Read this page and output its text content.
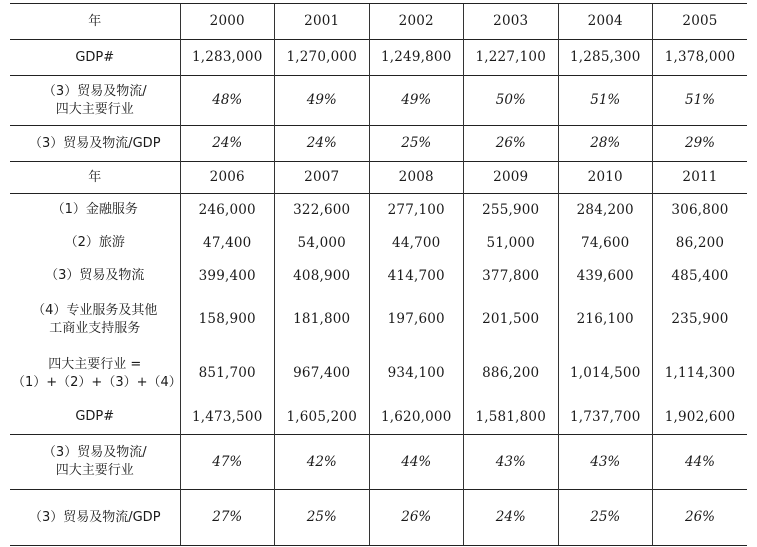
年	2000	2001	2002	2003	2004	2005
GDP#	1,283,000	1,270,000	1,249,800	1,227,100	1,285,300	1,378,000
（3）贸易及物流/
四大主要行业	48%	49%	49%	50%	51%	51%
（3）贸易及物流/GDP	24%	24%	25%	26%	28%	29%
年	2006	2007	2008	2009	2010	2011
（1）金融服务	246,000	322,600	277,100	255,900	284,200	306,800
（2）旅游	47,400	54,000	44,700	51,000	74,600	86,200
（3）贸易及物流	399,400	408,900	414,700	377,800	439,600	485,400
（4）专业服务及其他
工商业支持服务	158,900	181,800	197,600	201,500	216,100	235,900
四大主要行业 =
（1）+（2）+（3）+（4）	851,700	967,400	934,100	886,200	1,014,500	1,114,300
GDP#	1,473,500	1,605,200	1,620,000	1,581,800	1,737,700	1,902,600
（3）贸易及物流/
四大主要行业	47%	42%	44%	43%	43%	44%
（3）贸易及物流/GDP	27%	25%	26%	24%	25%	26%
